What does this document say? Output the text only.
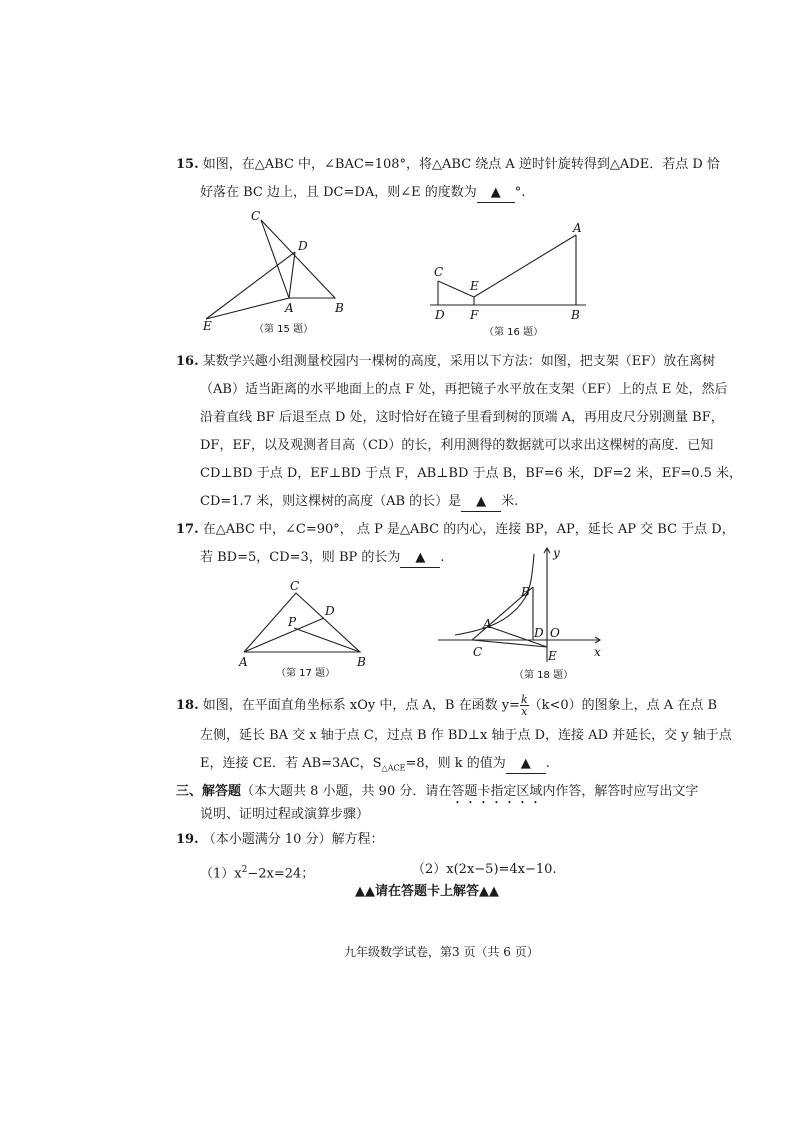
15. 如图，在△ABC 中，∠BAC=108°，将△ABC 绕点 A 逆时针旋转得到△ADE．若点 D 恰
好落在 BC 边上，且 DC=DA，则∠E 的度数为 ▲ °.
C
D
A	B
E	（第 15 题）
C
E
A
D F	B
（第 16 题）
16. 某数学兴趣小组测量校园内一棵树的高度，采用以下方法：如图，把支架（EF）放在离树
（AB）适当距离的水平地面上的点 F 处，再把镜子水平放在支架（EF）上的点 E 处，然后
沿着直线 BF 后退至点 D 处，这时恰好在镜子里看到树的顶端 A，再用皮尺分别测量 BF，
DF，EF，以及观测者目高（CD）的长，利用测得的数据就可以求出这棵树的高度．已知
CD⊥BD 于点 D，EF⊥BD 于点 F，AB⊥BD 于点 B，BF=6 米，DF=2 米，EF=0.5 米，
CD=1.7 米，则这棵树的高度（AB 的长）是 ▲ 米.
17. 在△ABC 中，∠C=90°， 点 P 是△ABC 的内心，连接 BP，AP，延长 AP 交 BC 于点 D，
若 BD=5，CD=3，则 BP 的长为 ▲ .
C
D
P
A	B
（第 17 题）
y
x
B
A
D O
C	E
（第 18 题）
18. 如图，在平面直角坐标系 xOy 中，点 A，B 在函数 $y= \frac{k}{x} (k<0)$的图象上，点 A 在点 B
左侧，延长 BA 交 x 轴于点 C，过点 B 作 BD⊥x 轴于点 D，连接 AD 并延长，交 y 轴于点
E，连接 CE．若 AB=3AC，$S_{\triangle ACE}=8$，则 k 的值为 ▲ .
三、解答题（本大题共 8 小题，共 90 分．请在答题卡指定区域内作答，解答时应写出文字
说明、证明过程或演算步骤）
19. （本小题满分 10 分）解方程：
$(1)x^2-2x=24$；	（2）x(2x−5)=4x−10.
▲▲请在答题卡上解答▲▲
九年级数学试卷，第3 页（共 6 页）
